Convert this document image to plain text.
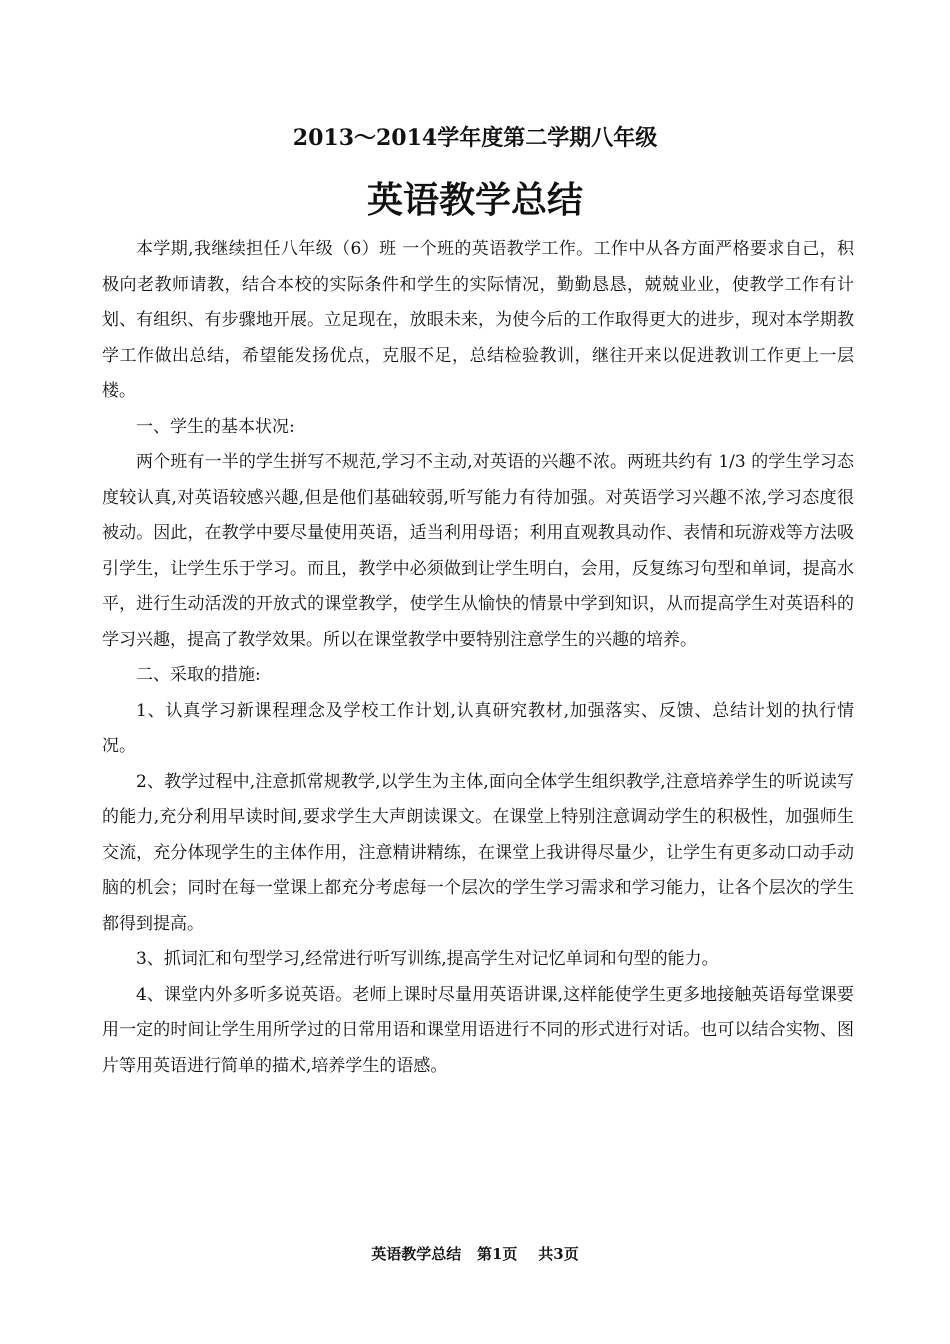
2013～2014学年度第二学期八年级
英语教学总结

本学期,我继续担任八年级（6）班 一个班的英语教学工作。工作中从各方面严格要求自己，积极向老教师请教，结合本校的实际条件和学生的实际情况，勤勤恳恳，兢兢业业，使教学工作有计划、有组织、有步骤地开展。立足现在，放眼未来，为使今后的工作取得更大的进步，现对本学期教学工作做出总结，希望能发扬优点，克服不足，总结检验教训，继往开来以促进教训工作更上一层楼。

一、学生的基本状况:

两个班有一半的学生拼写不规范,学习不主动,对英语的兴趣不浓。两班共约有 1/3 的学生学习态度较认真,对英语较感兴趣,但是他们基础较弱,听写能力有待加强。对英语学习兴趣不浓,学习态度很被动。因此，在教学中要尽量使用英语，适当利用母语；利用直观教具动作、表情和玩游戏等方法吸引学生，让学生乐于学习。而且，教学中必须做到让学生明白，会用，反复练习句型和单词，提高水平，进行生动活泼的开放式的课堂教学，使学生从愉快的情景中学到知识，从而提高学生对英语科的学习兴趣，提高了教学效果。所以在课堂教学中要特别注意学生的兴趣的培养。

二、采取的措施:

1、认真学习新课程理念及学校工作计划,认真研究教材,加强落实、反馈、总结计划的执行情况。

2、教学过程中,注意抓常规教学,以学生为主体,面向全体学生组织教学,注意培养学生的听说读写的能力,充分利用早读时间,要求学生大声朗读课文。在课堂上特别注意调动学生的积极性，加强师生交流，充分体现学生的主体作用，注意精讲精练，在课堂上我讲得尽量少，让学生有更多动口动手动脑的机会；同时在每一堂课上都充分考虑每一个层次的学生学习需求和学习能力，让各个层次的学生都得到提高。

3、抓词汇和句型学习,经常进行听写训练,提高学生对记忆单词和句型的能力。

4、课堂内外多听多说英语。老师上课时尽量用英语讲课,这样能使学生更多地接触英语每堂课要用一定的时间让学生用所学过的日常用语和课堂用语进行不同的形式进行对话。也可以结合实物、图片等用英语进行简单的描术,培养学生的语感。

英语教学总结   第1页    共3页
